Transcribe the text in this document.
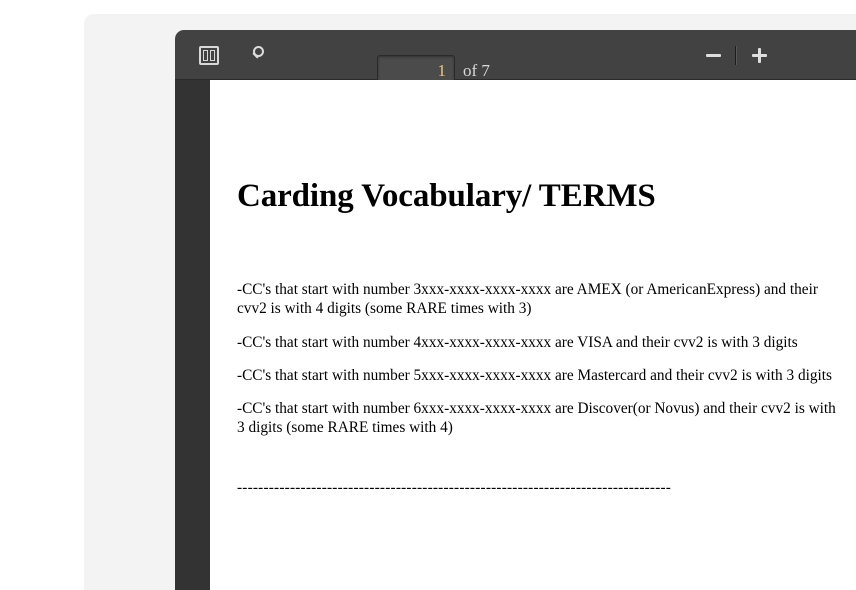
1
of 7
Carding Vocabulary/ TERMS

-CC's that start with number 3xxx-xxxx-xxxx-xxxx are AMEX (or AmericanExpress) and their cvv2 is with 4 digits (some RARE times with 3)

-CC's that start with number 4xxx-xxxx-xxxx-xxxx are VISA and their cvv2 is with 3 digits

-CC's that start with number 5xxx-xxxx-xxxx-xxxx are Mastercard and their cvv2 is with 3 digits

-CC's that start with number 6xxx-xxxx-xxxx-xxxx are Discover(or Novus) and their cvv2 is with 3 digits (some RARE times with 4)

----------------------------------------------------------------------------------
